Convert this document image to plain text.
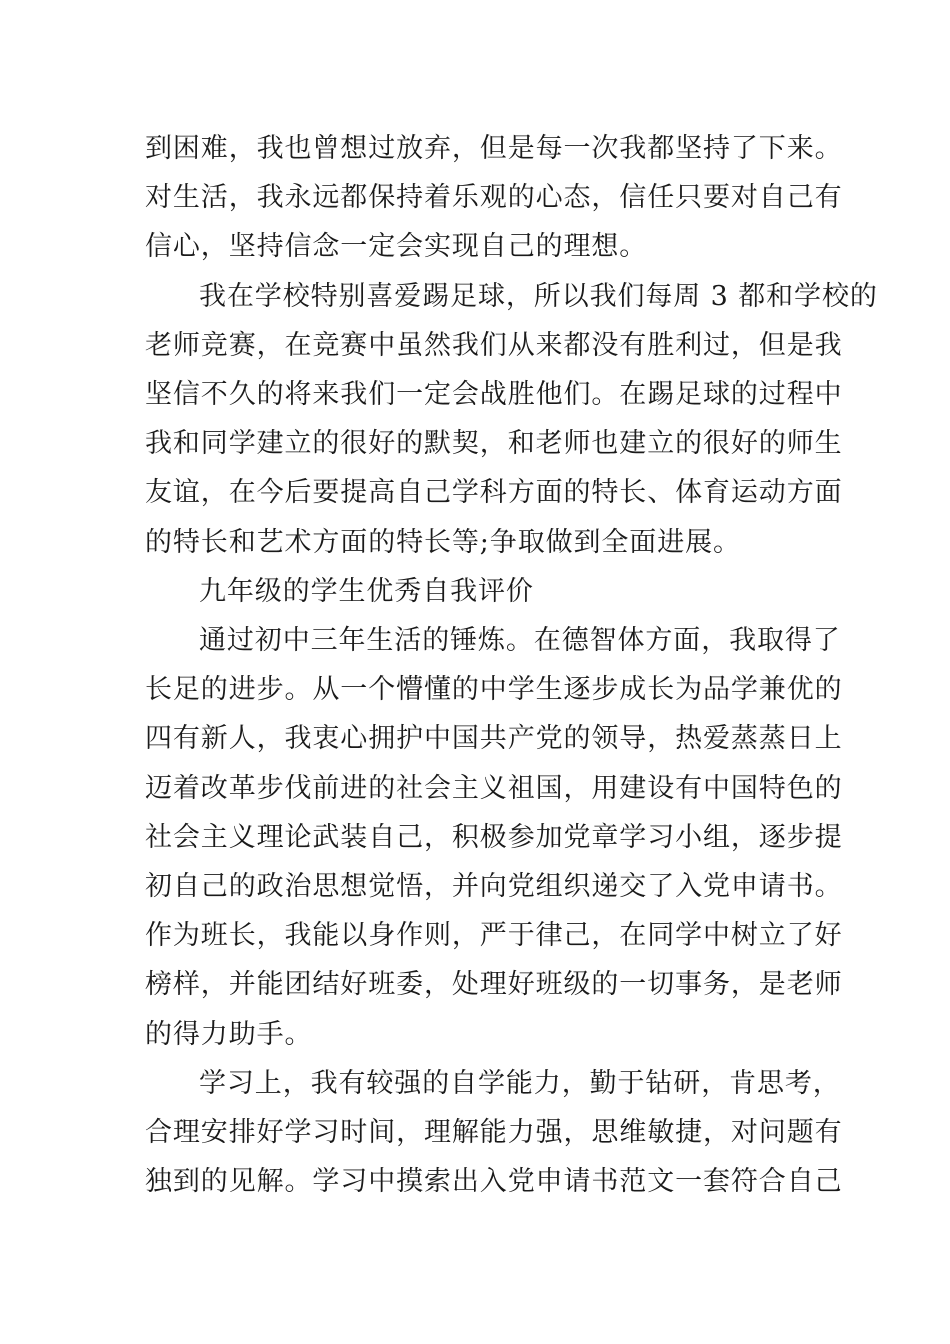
到困难，我也曾想过放弃，但是每一次我都坚持了下来。
对生活，我永远都保持着乐观的心态，信任只要对自己有
信心，坚持信念一定会实现自己的理想。
我在学校特别喜爱踢足球，所以我们每周 3 都和学校的
老师竞赛，在竞赛中虽然我们从来都没有胜利过，但是我
坚信不久的将来我们一定会战胜他们。在踢足球的过程中
我和同学建立的很好的默契，和老师也建立的很好的师生
友谊，在今后要提高自己学科方面的特长、体育运动方面
的特长和艺术方面的特长等;争取做到全面进展。
九年级的学生优秀自我评价
通过初中三年生活的锤炼。在德智体方面，我取得了
长足的进步。从一个懵懂的中学生逐步成长为品学兼优的
四有新人，我衷心拥护中国共产党的领导，热爱蒸蒸日上
迈着改革步伐前进的社会主义祖国，用建设有中国特色的
社会主义理论武装自己，积极参加党章学习小组，逐步提
初自己的政治思想觉悟，并向党组织递交了入党申请书。
作为班长，我能以身作则，严于律己，在同学中树立了好
榜样，并能团结好班委，处理好班级的一切事务，是老师
的得力助手。
学习上，我有较强的自学能力，勤于钻研，肯思考，
合理安排好学习时间，理解能力强，思维敏捷，对问题有
独到的见解。学习中摸索出入党申请书范文一套符合自己
